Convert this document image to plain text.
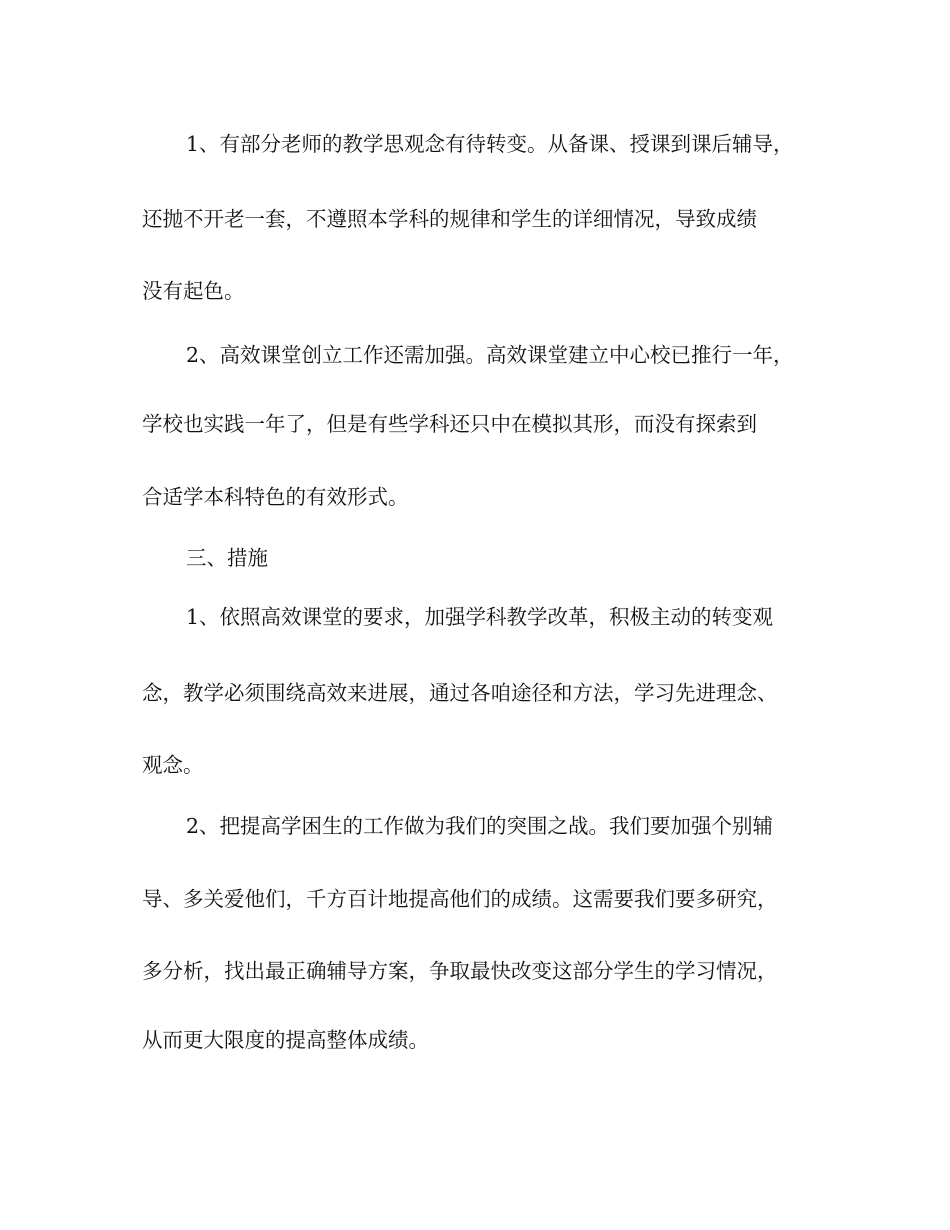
1、有部分老师的教学思观念有待转变。从备课、授课到课后辅导，
还抛不开老一套，不遵照本学科的规律和学生的详细情况，导致成绩
没有起色。
2、高效课堂创立工作还需加强。高效课堂建立中心校已推行一年，
学校也实践一年了，但是有些学科还只中在模拟其形，而没有探索到
合适学本科特色的有效形式。
三、措施
1、依照高效课堂的要求，加强学科教学改革，积极主动的转变观
念，教学必须围绕高效来进展，通过各咱途径和方法，学习先进理念、
观念。
2、把提高学困生的工作做为我们的突围之战。我们要加强个别辅
导、多关爱他们，千方百计地提高他们的成绩。这需要我们要多研究，
多分析，找出最正确辅导方案，争取最快改变这部分学生的学习情况，
从而更大限度的提高整体成绩。
